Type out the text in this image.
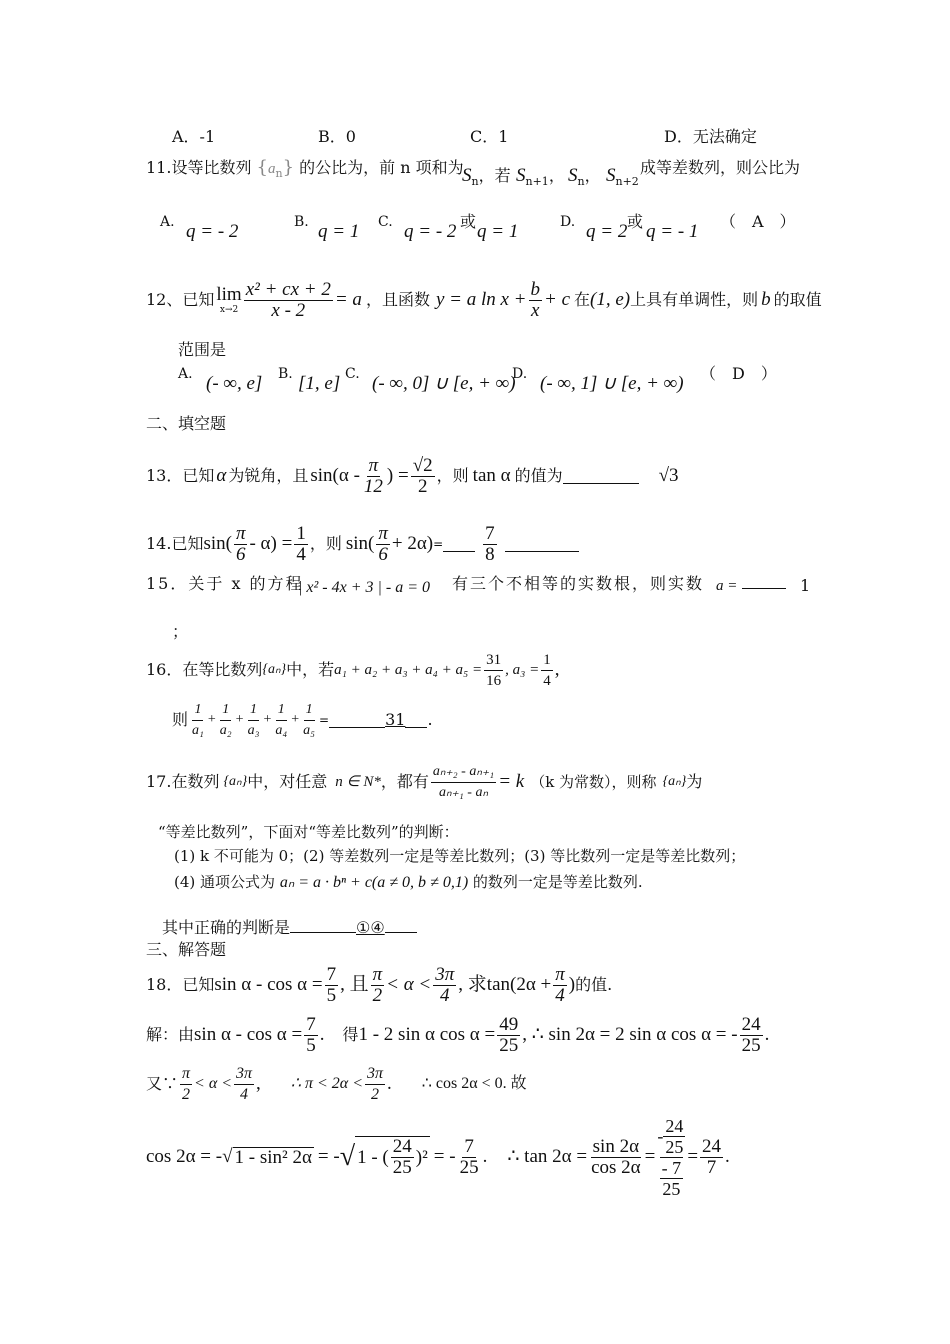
A．-1	B．0	C．1	D．无法确定
11.设等比数列 $\{a_n\}$ 的公比为，前 n 项和为
$S_n$，若 $S_{n+1}$， $S_n$， $S_{n+2}$
成等差数列，则公比为
A. q = - 2	B. q = 1 C. q = - 2 或 q = 1	D. q = 2 或 q = - 1 （　A　）
12、已知 lim
$x\to 2 \frac{\text{x² + cx + 2}}{x - 2} = a$ ，且函数 y = a $\ln x + \frac{b}{x} + c$ 在 (1, e) 上具有单调性，则 b 的取值
范围是
A. (- ∞, e] B. [1, e] C. (- ∞, 0] ∪ [e, + ∞)
D. (- ∞, 1] ∪ [e, + ∞) （　D　）
二、填空题
13．已知 α 为锐角，且 $\sin(\alpha - \frac{\pi}{12}$ ) = $\frac{√2}{2}$ ，则 tan α 的值为	√3
14.已知 $\sin( \frac{\pi}{6} - \alpha) = \frac{1}{4}$ ，则 $\sin( \frac{\pi}{6} + 2\alpha) = \frac{7}{8}$
15．关于 x 的方程
| x² - 4x + 3 | - a = 0 有三个不相等的实数根，则实数 a =	1
；
16．在等比数列 {aₙ} 中，若 $a_1 + a_2 + a_3 + a_4 + a_5 = \frac{31}{16}$ , $a_3 = \frac{1}{4}$ ,
则 $\frac{1}{\text{a₁}} + \frac{1}{\text{a₂}} + \frac{1}{\text{a₃}} + \frac{1}{\text{a₄}} + \frac{1}{\text{a₅}}$ =	31 .
17.在数列 {aₙ} 中，对任意 n ∈ N* ，都有 $\frac{\text{aₙ₊₂ - aₙ₊₁}}{\text{aₙ₊₁ - aₙ}} = k$ （k 为常数），则称 {aₙ} 为
“等差比数列”，下面对“等差比数列”的判断：
(1) k 不可能为 0；(2) 等差数列一定是等差比数列；(3) 等比数列一定是等差比数列；
(4) 通项公式为 aₙ = a · bⁿ + c(a ≠ 0, b ≠ 0,1) 的数列一定是等差比数列.
其中正确的判断是	①④
三、解答题
18．已知 $\sin \alpha - \cos \alpha = \frac{7}{5}$ , 且 $\frac{\pi}{2} < \alpha < \frac{3\pi}{4}$ , 求 $\tan(2\alpha + \frac{\pi}{4}$ ) 的值.
解：由 $\sin \alpha - \cos \alpha = \frac{7}{5}$ . 得 1 - 2 sin α $\cos \alpha = \frac{49}{25}$ , ∴ sin 2α = 2 sin α cos α = - $\frac{24}{25}$ .
又∵ $\frac{\pi}{2} < \alpha < \frac{3\pi}{4}$ , ∴ $\pi < 2\alpha < \frac{3\pi}{2}$ . ∴ cos 2α < 0. 故
cos 2α = - √ 1 - sin² 2α = - √ 1 - ( $\frac{24}{25} )^2$ = - $\frac{7}{25}$ . ∴ $\tan 2\alpha = \frac{\sin 2\alpha}{\cos 2\alpha}$ = -
24
25
- 7
$25 = \frac{24}{7}$ .
